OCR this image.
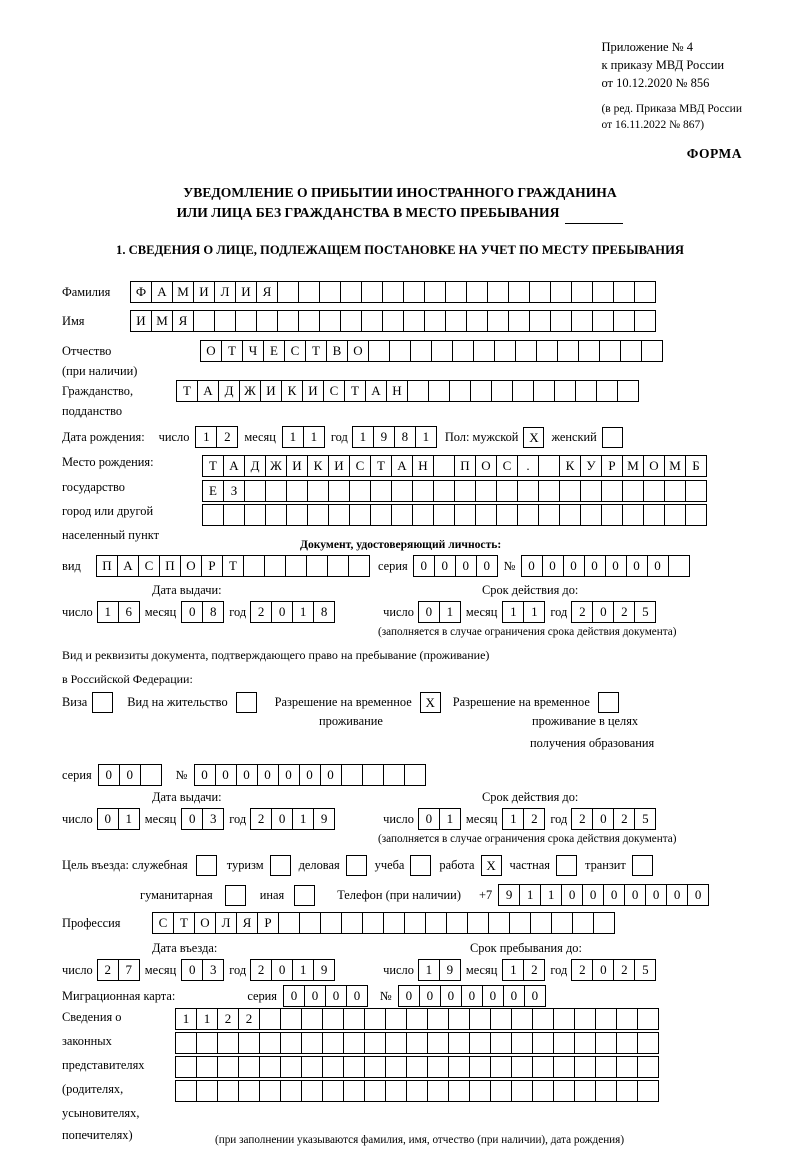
Приложение № 4
к приказу МВД России
от 10.12.2020 № 856
(в ред. Приказа МВД России
от 16.11.2022 № 867)
ФОРМА
УВЕДОМЛЕНИЕ О ПРИБЫТИИ ИНОСТРАННОГО ГРАЖДАНИНА
ИЛИ ЛИЦА БЕЗ ГРАЖДАНСТВА В МЕСТО ПРЕБЫВАНИЯ
1. СВЕДЕНИЯ О ЛИЦЕ, ПОДЛЕЖАЩЕМ ПОСТАНОВКЕ НА УЧЕТ ПО МЕСТУ ПРЕБЫВАНИЯ
Фамилия	Ф А М И Л И Я
Имя	И М Я
Отчество	О Т Ч Е С Т В О
(при наличии)
Гражданство,	Т А Д Ж И К И С Т А Н
подданство
Дата рождения: число	1	2	месяц	1	1	год 1	9	8	1	Пол: мужской X	женский
Место рождения:	Т А Д Ж И К И С Т А Н	П О С	.	К У Р М О М Б
государство	Е	З
город или другой
населенный пункт
Документ, удостоверяющий личность:
вид	П А С П О Р	Т	серия 0	0	0	0	№ 0	0	0	0	0	0	0
Дата выдачи:	Срок действия до:
число 1	6	месяц 0	8	год 2	0	1	8	число 0	1	месяц 1	1	год 2	0	2	5
(заполняется в случае ограничения срока действия документа)
Вид и реквизиты документа, подтверждающего право на пребывание (проживание)
в Российской Федерации:
Виза	Вид на жительство	Разрешение на временное	X	Разрешение на временное
проживание	проживание в целях
получения образования
серия	0	0	№	0	0	0	0	0	0	0
Дата выдачи:	Срок действия до:
число 0	1	месяц 0	3	год 2	0	1	9	число 0	1	месяц 1	2	год 2	0	2	5
(заполняется в случае ограничения срока действия документа)
Цель въезда: служебная	туризм	деловая	учеба	работа X	частная	транзит
гуманитарная	иная	Телефон (при наличии) +7	9	1	1	0	0	0	0	0	0	0
Профессия	С Т О Л Я	Р
Дата въезда:	Срок пребывания до:
число 2	7	месяц 0	3	год 2	0	1	9	число 1	9	месяц 1	2	год 2	0	2	5
Миграционная карта:	серия	0	0	0	0	№	0	0	0	0	0	0	0
Сведения о
законных
представителях
(родителях,
усыновителях,
попечителях)
1	1	2	2
(при заполнении указываются фамилия, имя, отчество (при наличии), дата рождения)
